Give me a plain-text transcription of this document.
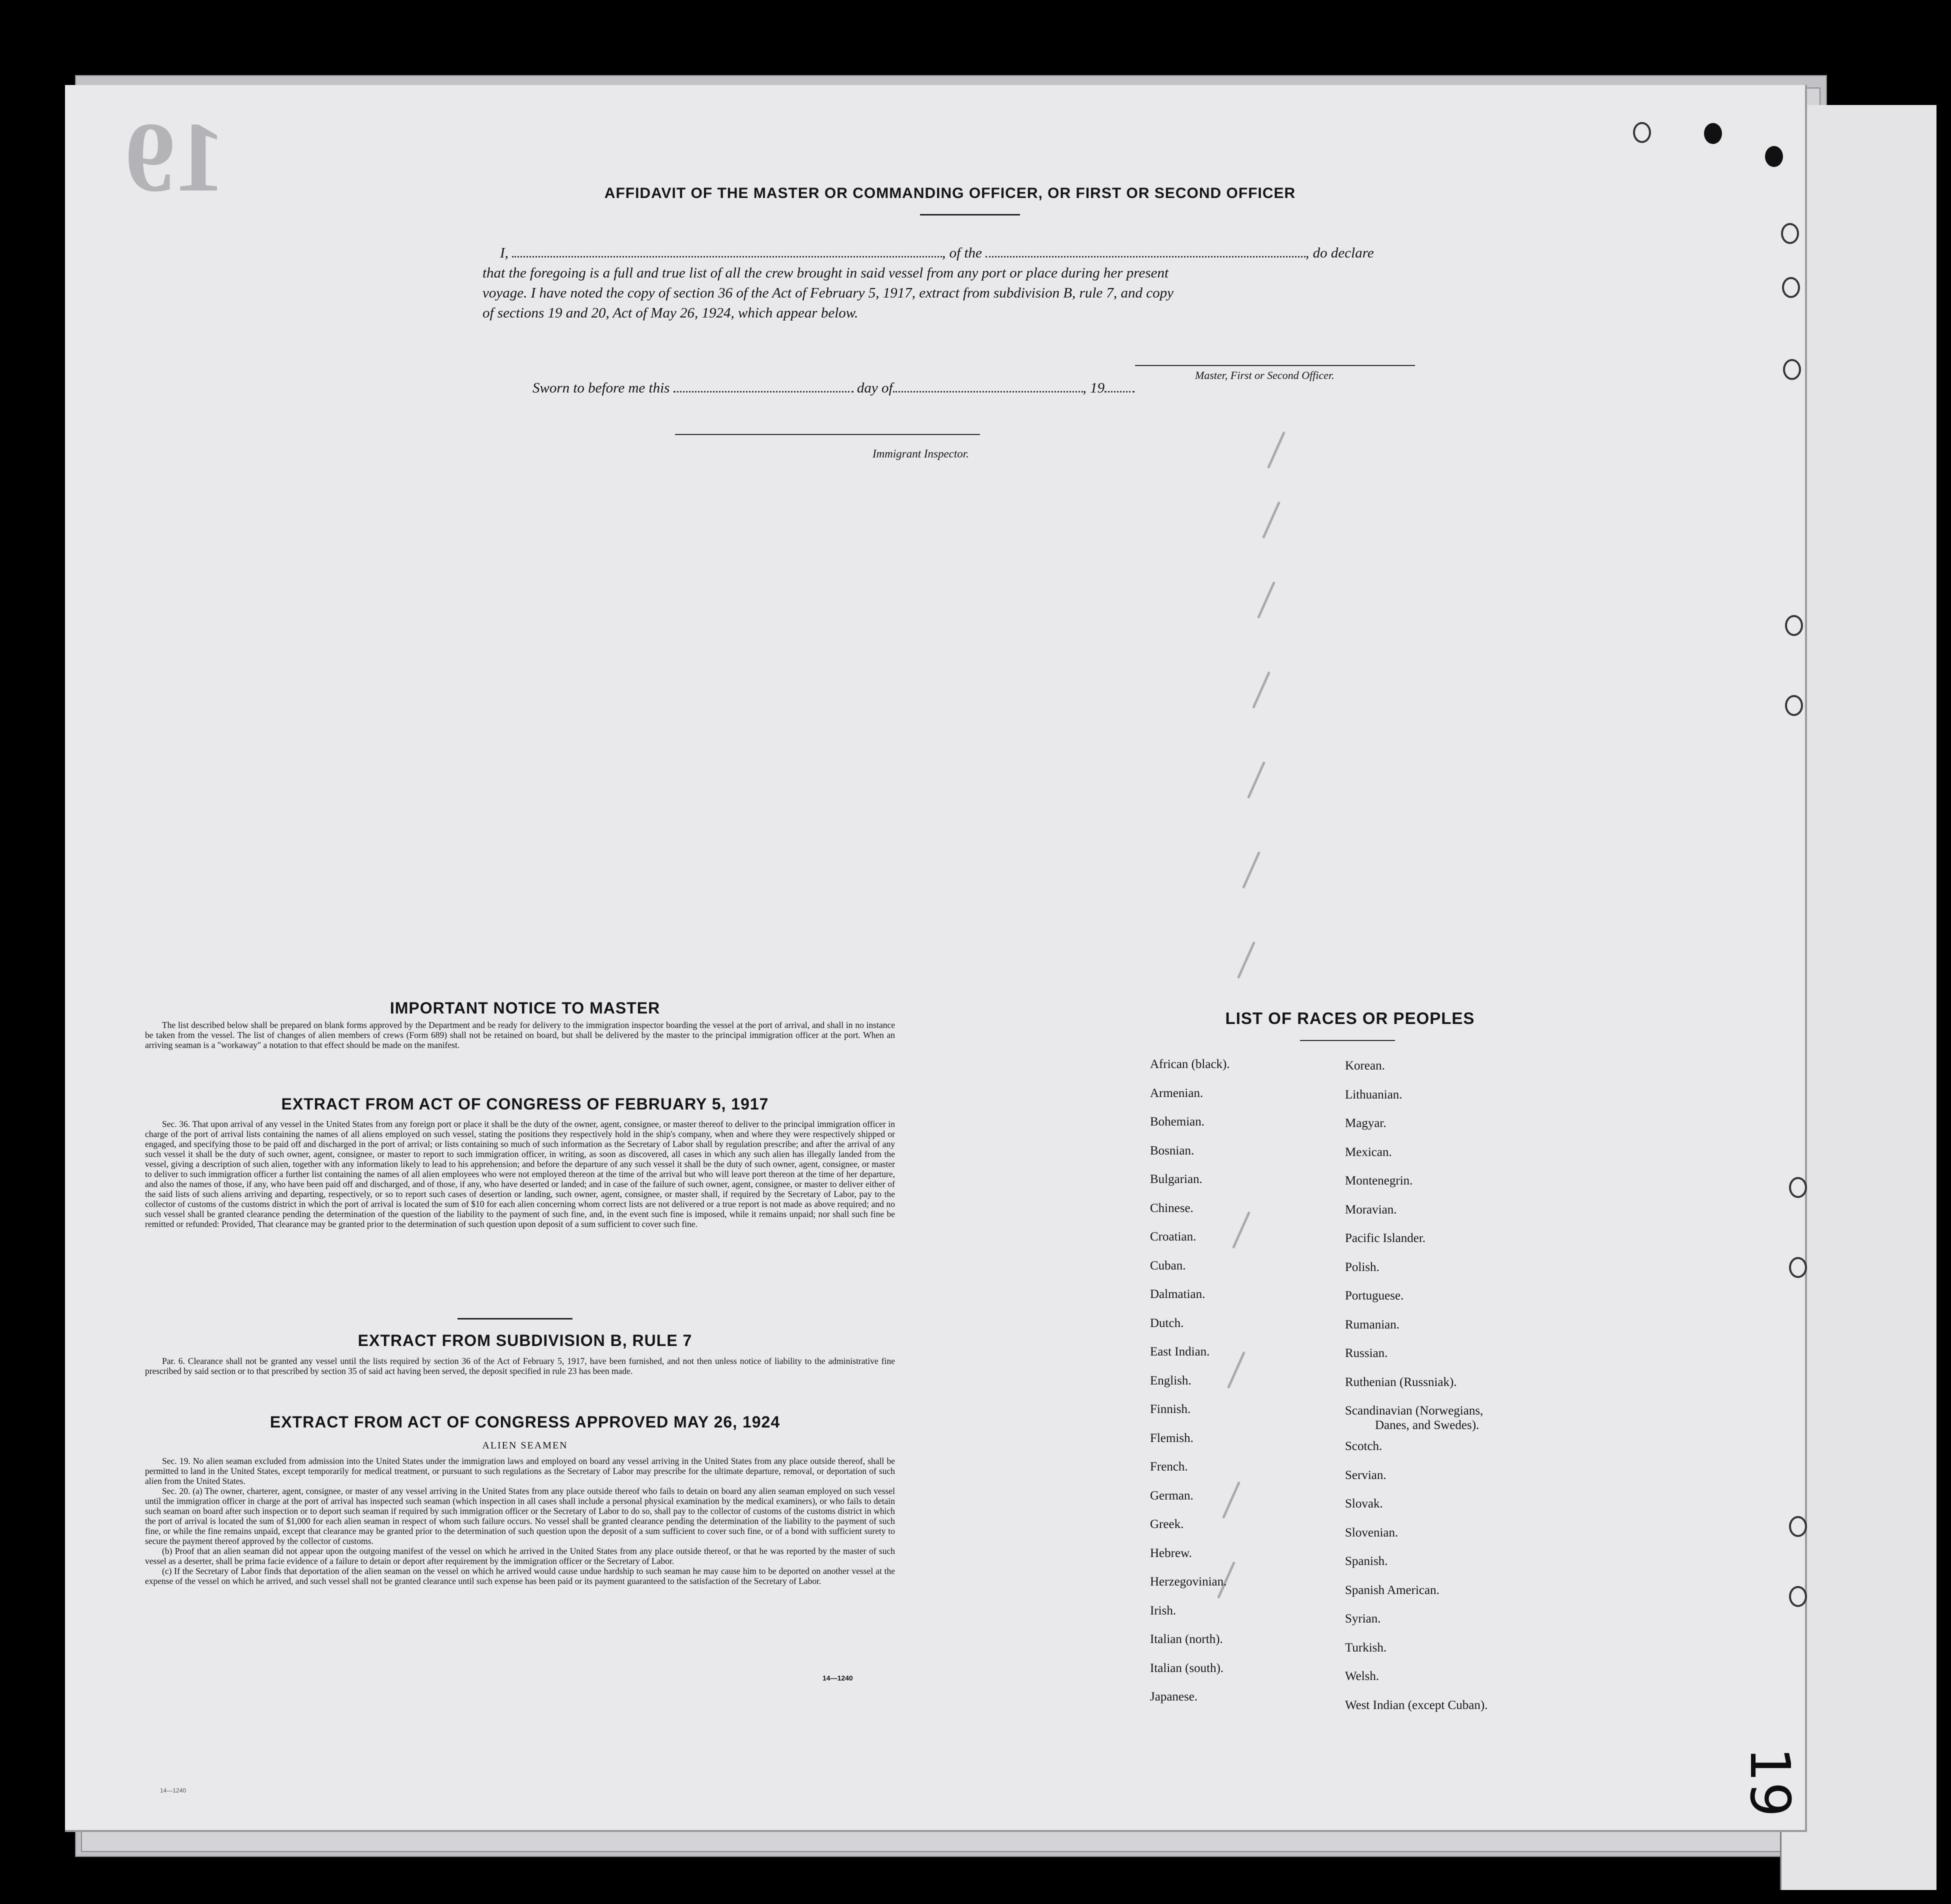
19	AFFIDAVIT OF THE MASTER OR COMMANDING OFFICER, OR FIRST OR SECOND OFFICER
I,	, of the	, do declare
that the foregoing is a full and true list of all the crew brought in said vessel from any port or place during her present
voyage. I have noted the copy of section 36 of the Act of February 5, 1917, extract from subdivision B, rule 7, and copy
of sections 19 and 20, Act of May 26, 1924, which appear below.
Master, First or Second Officer.
Sworn to before me this	day of	, 19
Immigrant Inspector.
IMPORTANT NOTICE TO MASTER

The list described below shall be prepared on blank forms approved by the Department and be ready for delivery to the immigration inspector boarding the vessel at the port of arrival, and shall in no instance be taken from the vessel. The list of changes of alien members of crews (Form 689) shall not be retained on board, but shall be delivered by the master to the principal immigration officer at the port. When an arriving seaman is a "workaway" a notation to that effect should be made on the manifest.

EXTRACT FROM ACT OF CONGRESS OF FEBRUARY 5, 1917

Sec. 36. That upon arrival of any vessel in the United States from any foreign port or place it shall be the duty of the owner, agent, consignee, or master thereof to deliver to the principal immigration officer in charge of the port of arrival lists containing the names of all aliens employed on such vessel, stating the positions they respectively hold in the ship's company, when and where they were respectively shipped or engaged, and specifying those to be paid off and discharged in the port of arrival; or lists containing so much of such information as the Secretary of Labor shall by regulation prescribe; and after the arrival of any such vessel it shall be the duty of such owner, agent, consignee, or master to report to such immigration officer, in writing, as soon as discovered, all cases in which any such alien has illegally landed from the vessel, giving a description of such alien, together with any information likely to lead to his apprehension; and before the departure of any such vessel it shall be the duty of such owner, agent, consignee, or master to deliver to such immigration officer a further list containing the names of all alien employees who were not employed thereon at the time of the arrival but who will leave port thereon at the time of her departure, and also the names of those, if any, who have been paid off and discharged, and of those, if any, who have deserted or landed; and in case of the failure of such owner, agent, consignee, or master to deliver either of the said lists of such aliens arriving and departing, respectively, or so to report such cases of desertion or landing, such owner, agent, consignee, or master shall, if required by the Secretary of Labor, pay to the collector of customs of the customs district in which the port of arrival is located the sum of $10 for each alien concerning whom correct lists are not delivered or a true report is not made as above required; and no such vessel shall be granted clearance pending the determination of the question of the liability to the payment of such fine, and, in the event such fine is imposed, while it remains unpaid; nor shall such fine be remitted or refunded: Provided, That clearance may be granted prior to the determination of such question upon deposit of a sum sufficient to cover such fine.

EXTRACT FROM SUBDIVISION B, RULE 7

Par. 6. Clearance shall not be granted any vessel until the lists required by section 36 of the Act of February 5, 1917, have been furnished, and not then unless notice of liability to the administrative fine prescribed by said section or to that prescribed by section 35 of said act having been served, the deposit specified in rule 23 has been made.

EXTRACT FROM ACT OF CONGRESS APPROVED MAY 26, 1924
ALIEN SEAMEN

Sec. 19. No alien seaman excluded from admission into the United States under the immigration laws and employed on board any vessel arriving in the United States from any place outside thereof, shall be permitted to land in the United States, except temporarily for medical treatment, or pursuant to such regulations as the Secretary of Labor may prescribe for the ultimate departure, removal, or deportation of such alien from the United States.

Sec. 20. (a) The owner, charterer, agent, consignee, or master of any vessel arriving in the United States from any place outside thereof who fails to detain on board any alien seaman employed on such vessel until the immigration officer in charge at the port of arrival has inspected such seaman (which inspection in all cases shall include a personal physical examination by the medical examiners), or who fails to detain such seaman on board after such inspection or to deport such seaman if required by such immigration officer or the Secretary of Labor to do so, shall pay to the collector of customs of the customs district in which the port of arrival is located the sum of $1,000 for each alien seaman in respect of whom such failure occurs. No vessel shall be granted clearance pending the determination of the liability to the payment of such fine, or while the fine remains unpaid, except that clearance may be granted prior to the determination of such question upon the deposit of a sum sufficient to cover such fine, or of a bond with sufficient surety to secure the payment thereof approved by the collector of customs.

(b) Proof that an alien seaman did not appear upon the outgoing manifest of the vessel on which he arrived in the United States from any place outside thereof, or that he was reported by the master of such vessel as a deserter, shall be prima facie evidence of a failure to detain or deport after requirement by the immigration officer or the Secretary of Labor.

(c) If the Secretary of Labor finds that deportation of the alien seaman on the vessel on which he arrived would cause undue hardship to such seaman he may cause him to be deported on another vessel at the expense of the vessel on which he arrived, and such vessel shall not be granted clearance until such expense has been paid or its payment guaranteed to the satisfaction of the Secretary of Labor.

14—1240
LIST OF RACES OR PEOPLES
African (black).
Armenian.
Bohemian.
Bosnian.
Bulgarian.
Chinese.
Croatian.
Cuban.
Dalmatian.
Dutch.
East Indian.
English.
Finnish.
Flemish.
French.
German.
Greek.
Hebrew.
Herzegovinian.
Irish.
Italian (north).
Italian (south).
Japanese.
Korean.
Lithuanian.
Magyar.
Mexican.
Montenegrin.
Moravian.
Pacific Islander.
Polish.
Portuguese.
Rumanian.
Russian.
Ruthenian (Russniak).
Scandinavian (Norwegians,
Danes, and Swedes).
Scotch.
Servian.
Slovak.
Slovenian.
Spanish.
Spanish American.
Syrian.
Turkish.
Welsh.
West Indian (except Cuban).
19
14—1240
